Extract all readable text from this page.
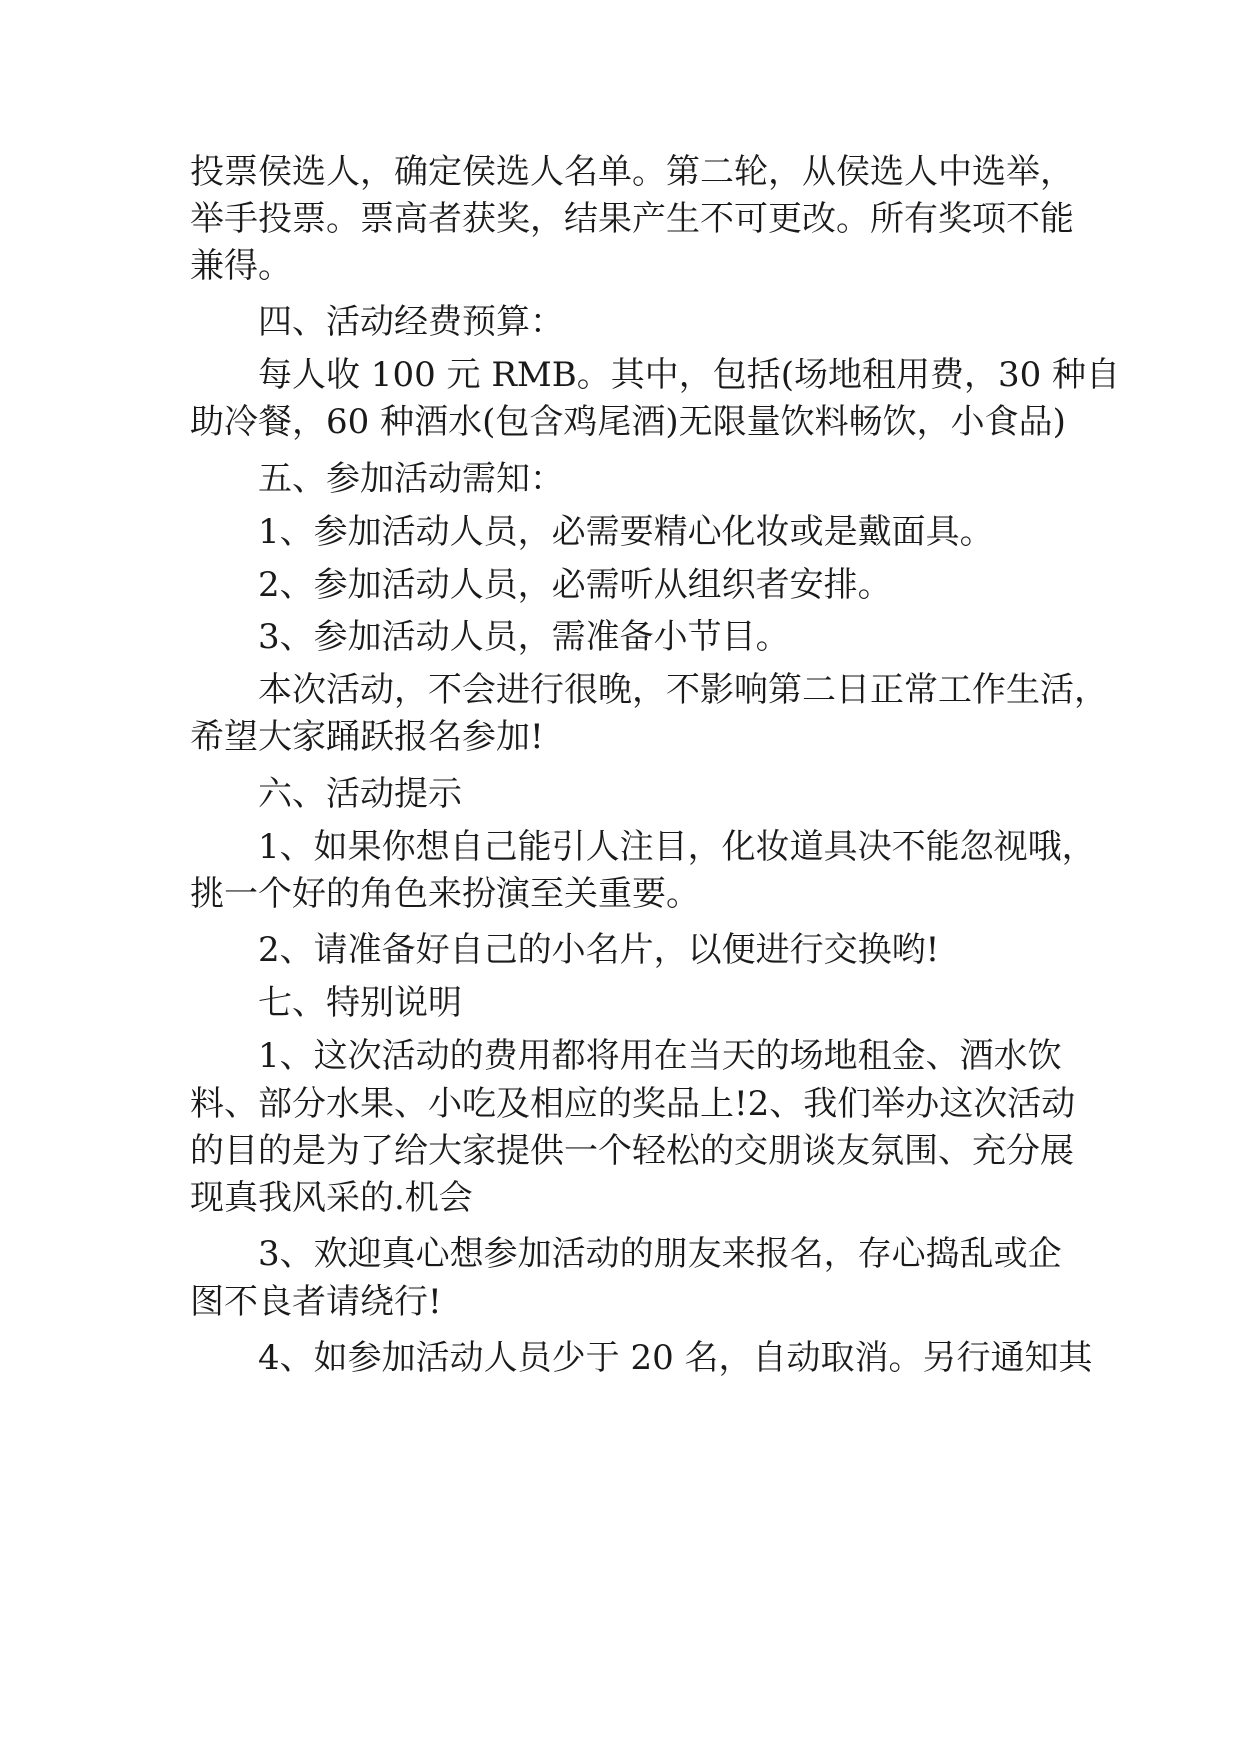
投票侯选人，确定侯选人名单。第二轮，从侯选人中选举，
举手投票。票高者获奖，结果产生不可更改。所有奖项不能
兼得。
四、活动经费预算：
每人收 100 元 RMB。其中，包括(场地租用费，30 种自
助冷餐，60 种酒水(包含鸡尾酒)无限量饮料畅饮，小食品)
五、参加活动需知：
1、参加活动人员，必需要精心化妆或是戴面具。
2、参加活动人员，必需听从组织者安排。
3、参加活动人员，需准备小节目。
本次活动，不会进行很晚，不影响第二日正常工作生活，
希望大家踊跃报名参加!
六、活动提示
1、如果你想自己能引人注目，化妆道具决不能忽视哦，
挑一个好的角色来扮演至关重要。
2、请准备好自己的小名片，以便进行交换哟!
七、特别说明
1、这次活动的费用都将用在当天的场地租金、酒水饮
料、部分水果、小吃及相应的奖品上!2、我们举办这次活动
的目的是为了给大家提供一个轻松的交朋谈友氛围、充分展
现真我风采的.机会
3、欢迎真心想参加活动的朋友来报名，存心捣乱或企
图不良者请绕行!
4、如参加活动人员少于 20 名，自动取消。另行通知其
